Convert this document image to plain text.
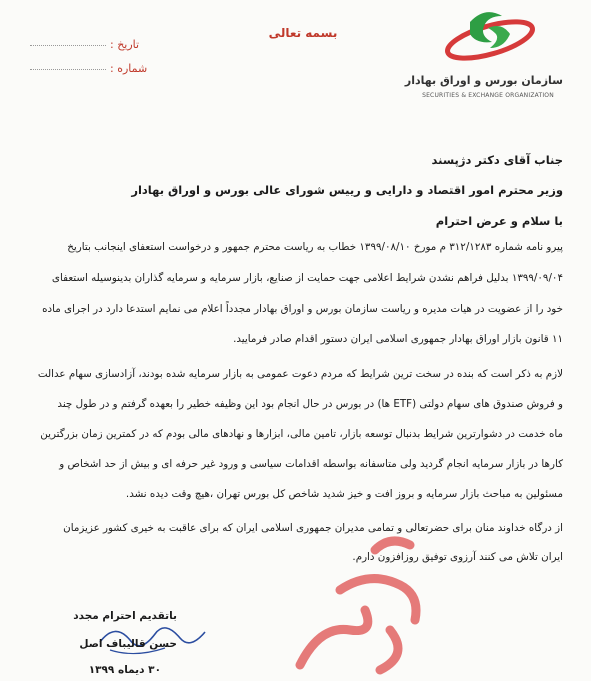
بسمه تعالی
تاریخ :
شماره :
سازمان بورس و اوراق بهادار
SECURITIES & EXCHANGE ORGANIZATION
جناب آقای دکتر دژپسند
وزیر محترم امور اقتصاد و دارایی و رییس شورای عالی بورس و اوراق بهادار
با سلام و عرض احترام
پیرو نامه شماره ۳۱۲/۱۲۸۳ م مورخ ۱۳۹۹/۰۸/۱۰ خطاب به ریاست محترم جمهور و درخواست استعفای اینجانب بتاریخ
۱۳۹۹/۰۹/۰۴ بدلیل فراهم نشدن شرایط اعلامی جهت حمایت از صنایع، بازار سرمایه و سرمایه گذاران بدینوسیله استعفای
خود را از عضویت در هیات مدیره و ریاست سازمان بورس و اوراق بهادار مجدداً اعلام می نمایم استدعا دارد در اجرای ماده
۱۱ قانون بازار اوراق بهادار جمهوری اسلامی ایران دستور اقدام صادر فرمایید.
لازم به ذکر است که بنده در سخت ترین شرایط که مردم دعوت عمومی به بازار سرمایه شده بودند، آزادسازی سهام عدالت
و فروش صندوق های سهام دولتی (ETF ها) در بورس در حال انجام بود این وظیفه خطیر را بعهده گرفتم و در طول چند
ماه خدمت در دشوارترین شرایط بدنبال توسعه بازار، تامین مالی، ابزارها و نهادهای مالی بودم که در کمترین زمان بزرگترین
کارها در بازار سرمایه انجام گردید ولی متاسفانه بواسطه اقدامات سیاسی و ورود غیر حرفه ای و بیش از حد اشخاص و
مسئولین به مباحث بازار سرمایه و بروز افت و خیز شدید شاخص کل بورس تهران ،هیچ وقت دیده نشد.
از درگاه خداوند منان برای حضرتعالی و تمامی مدیران جمهوری اسلامی ایران که برای عاقبت به خیری کشور عزیزمان
ایران تلاش می کنند آرزوی توفیق روزافزون دارم.
باتقدیم احترام مجدد
حسن قالیباف اصل
۳۰ دیماه ۱۳۹۹
